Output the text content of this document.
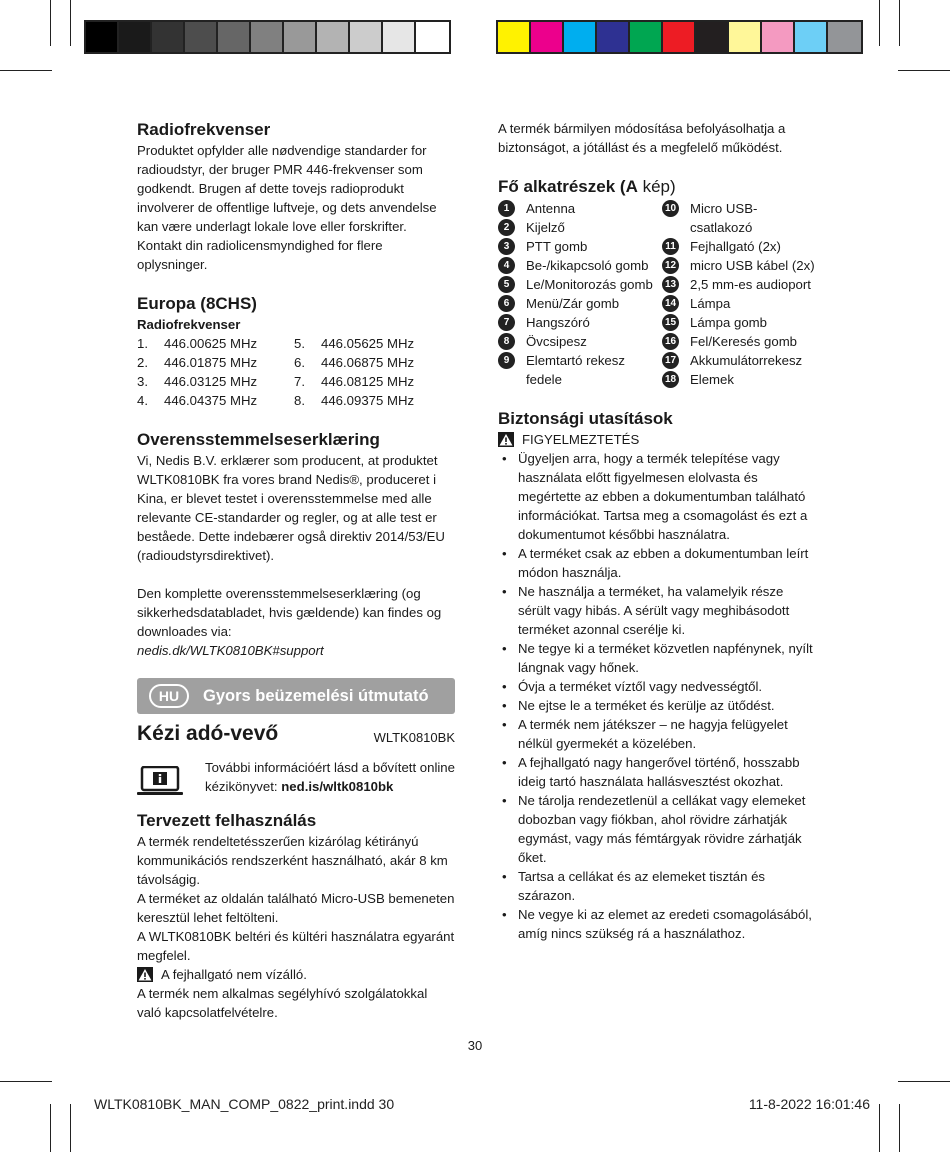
Radiofrekvenser

Produktet opfylder alle nødvendige standarder for radioudstyr, der bruger PMR 446-frekvenser som godkendt. Brugen af dette tovejs radioprodukt involverer de offentlige luftveje, og dets anvendelse kan være underlagt lokale love eller forskrifter. Kontakt din radiolicensmyndighed for flere oplysninger.

Europa (8CHS)
Radiofrekvenser
1.	446.00625 MHz	5.	446.05625 MHz
2.	446.01875 MHz	6.	446.06875 MHz
3.	446.03125 MHz	7.	446.08125 MHz
4.	446.04375 MHz	8.	446.09375 MHz
Overensstemmelseserklæring

Vi, Nedis B.V. erklærer som producent, at produktet WLTK0810BK fra vores brand Nedis®, produceret i Kina, er blevet testet i overensstemmelse med alle relevante CE-standarder og regler, og at alle test er beståede. Dette indebærer også direktiv 2014/53/EU (radioudstyrsdirektivet).

Den komplette overensstemmelseserklæring (og sikkerhedsdatabladet, hvis gældende) kan findes og downloades via:

nedis.dk/WLTK0810BK#support

HU	Gyors beüzemelési útmutató
Kézi adó-vevő	WLTK0810BK
További információért lásd a bővített online kézikönyvet: ned.is/wltk0810bk
Tervezett felhasználás

A termék rendeltetésszerűen kizárólag kétirányú kommunikációs rendszerként használható, akár 8 km távolságig.

A terméket az oldalán található Micro-USB bemeneten keresztül lehet feltölteni.

A WLTK0810BK beltéri és kültéri használatra egyaránt megfelel.

A fejhallgató nem vízálló.

A termék nem alkalmas segélyhívó szolgálatokkal való kapcsolatfelvételre.

A termék bármilyen módosítása befolyásolhatja a biztonságot, a jótállást és a megfelelő működést.

Fő alkatrészek (A kép)
1	Antenna
2	Kijelző
3	PTT gomb
4	Be-/kikapcsoló gomb
5	Le/Monitorozás gomb
6	Menü/Zár gomb
7	Hangszóró
8	Övcsipesz
9	Elemtartó rekesz fedele
10 Micro USB-csatlakozó
11 Fejhallgató (2x)
12 micro USB kábel (2x)
13 2,5 mm-es audioport
14 Lámpa
15 Lámpa gomb
16 Fel/Keresés gomb
17 Akkumulátorrekesz
18 Elemek
Biztonsági utasítások
FIGYELMEZTETÉS
• Ügyeljen arra, hogy a termék telepítése vagy használata előtt figyelmesen elolvasta és megértette az ebben a dokumentumban található információkat. Tartsa meg a csomagolást és ezt a dokumentumot későbbi használatra.
• A terméket csak az ebben a dokumentumban leírt módon használja.
• Ne használja a terméket, ha valamelyik része sérült vagy hibás. A sérült vagy meghibásodott terméket azonnal cserélje ki.
• Ne tegye ki a terméket közvetlen napfénynek, nyílt lángnak vagy hőnek.
• Óvja a terméket víztől vagy nedvességtől.
• Ne ejtse le a terméket és kerülje az ütődést.
• A termék nem játékszer – ne hagyja felügyelet nélkül gyermekét a közelében.
• A fejhallgató nagy hangerővel történő, hosszabb ideig tartó használata hallásvesztést okozhat.
• Ne tárolja rendezetlenül a cellákat vagy elemeket dobozban vagy fiókban, ahol rövidre zárhatják egymást, vagy más fémtárgyak rövidre zárhatják őket.
• Tartsa a cellákat és az elemeket tisztán és szárazon.
• Ne vegye ki az elemet az eredeti csomagolásából, amíg nincs szükség rá a használathoz.
30
WLTK0810BK_MAN_COMP_0822_print.indd 30	11-8-2022 16:01:46
